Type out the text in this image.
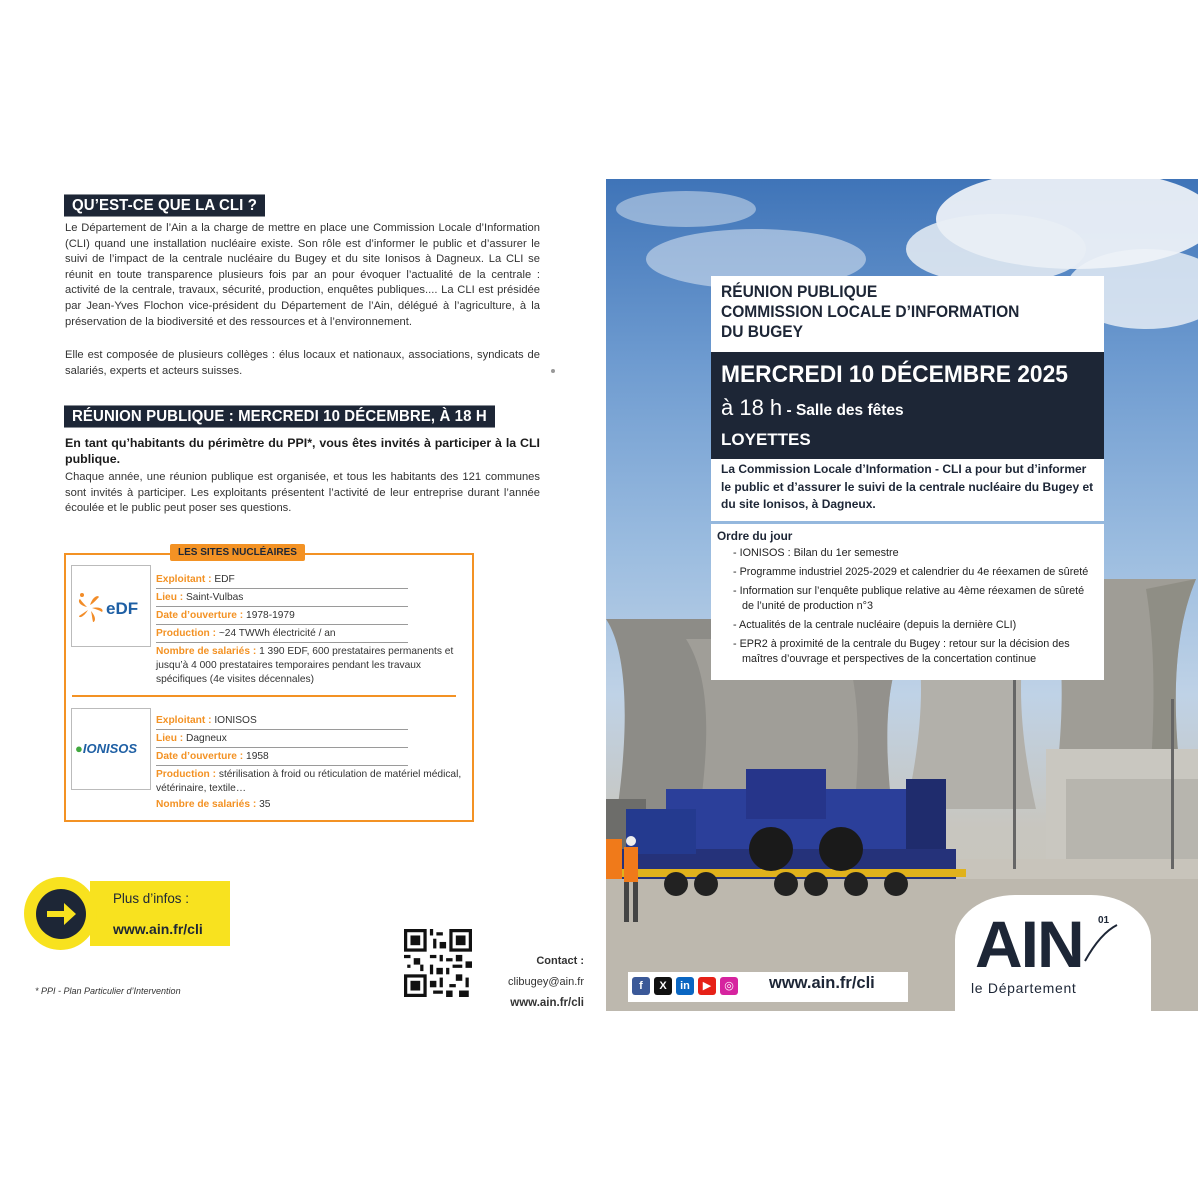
QU’EST-CE QUE LA CLI ?
Le Département de l’Ain a la charge de mettre en place une Commission Locale d’Information (CLI) quand une installation nucléaire existe. Son rôle est d’informer le public et d’assurer le suivi de l’impact de la centrale nucléaire du Bugey et du site Ionisos à Dagneux. La CLI se réunit en toute transparence plusieurs fois par an pour évoquer l’actualité de la centrale : activité de la centrale, travaux, sécurité, production, enquêtes publiques.... La CLI est présidée par Jean-Yves Flochon vice-président du Département de l’Ain, délégué à l’agriculture, à la préservation de la biodiversité et des ressources et à l’environnement.
Elle est composée de plusieurs collèges : élus locaux et nationaux, associations, syndicats de salariés, experts et acteurs suisses.
RÉUNION PUBLIQUE : MERCREDI 10 DÉCEMBRE, À 18 H
En tant qu’habitants du périmètre du PPI*, vous êtes invités à participer à la CLI publique.
Chaque année, une réunion publique est organisée, et tous les habitants des 121 communes sont invités à participer. Les exploitants présentent l’activité de leur entreprise durant l’année écoulée et le public peut poser ses questions.
LES SITES NUCLÉAIRES
eDF
Exploitant : EDF
Lieu : Saint-Vulbas
Date d’ouverture : 1978-1979
Production : ~24 TWWh électricité / an
Nombre de salariés : 1 390 EDF, 600 prestataires permanents et jusqu’à 4 000 prestataires temporaires pendant les travaux spécifiques (4e visites décennales)
●IONISOS
Exploitant : IONISOS
Lieu : Dagneux
Date d’ouverture : 1958
Production : stérilisation à froid ou réticulation de matériel médical, vétérinaire, textile…
Nombre de salariés : 35
Plus d’infos :
www.ain.fr/cli
* PPI - Plan Particulier d’Intervention
Contact :
clibugey@ain.fr
www.ain.fr/cli
RÉUNION PUBLIQUE
COMMISSION LOCALE D’INFORMATION
DU BUGEY
MERCREDI 10 DÉCEMBRE 2025
à 18 h - Salle des fêtes
LOYETTES
La Commission Locale d’Information - CLI a pour but d’informer le public et d’assurer le suivi de la centrale nucléaire du Bugey et du site Ionisos, à Dagneux.
Ordre du jour
- IONISOS : Bilan du 1er semestre
- Programme industriel 2025-2029 et calendrier du 4e réexamen de sûreté
- Information sur l’enquête publique relative au 4ème réexamen de sûreté de l’unité de production n°3
- Actualités de la centrale nucléaire (depuis la dernière CLI)
- EPR2 à proximité de la centrale du Bugey : retour sur la décision des maîtres d’ouvrage et perspectives de la concertation continue
f	X	in	▶	◎ www.ain.fr/cli
AIN 01
le Département
